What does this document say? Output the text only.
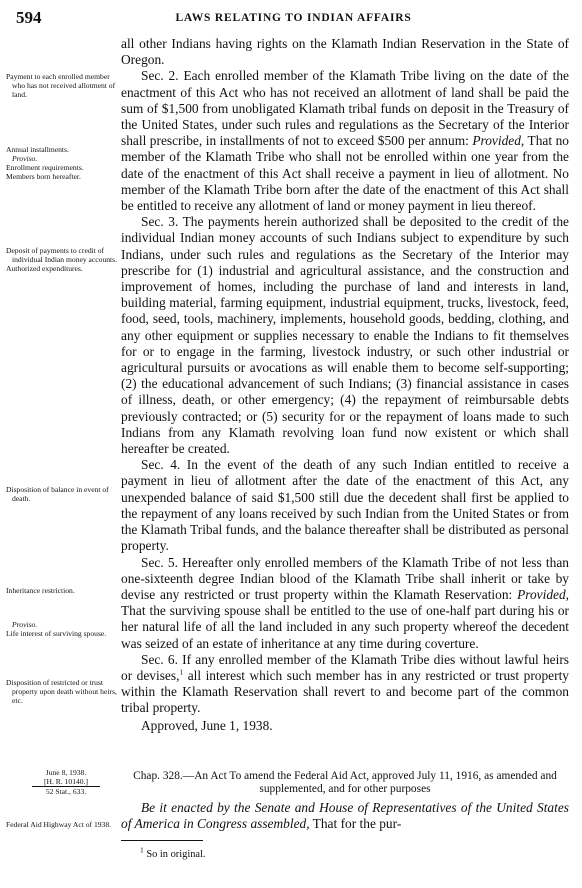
594	LAWS RELATING TO INDIAN AFFAIRS

Payment to each enrolled member who has not received allotment of land.

Annual installments.

Proviso.

Enrollment requirements.

Members born hereafter.

Deposit of payments to credit of individual Indian money accounts.

Authorized expenditures.

Disposition of balance in event of death.

Inheritance restriction.

Proviso.

Life interest of surviving spouse.

Disposition of restricted or trust property upon death without heirs, etc.

June 8, 1938.
[H. R. 10140.]
52 Stat., 633.

Federal Aid Highway Act of 1938.

all other Indians having rights on the Klamath Indian Reservation in the State of Oregon.

Sec. 2. Each enrolled member of the Klamath Tribe living on the date of the enactment of this Act who has not received an allotment of land shall be paid the sum of $1,500 from unobligated Klamath tribal funds on deposit in the Treasury of the United States, under such rules and regulations as the Secretary of the Interior shall prescribe, in installments of not to exceed $500 per annum: Provided, That no member of the Klamath Tribe who shall not be enrolled within one year from the date of the enactment of this Act shall receive a payment in lieu of allotment. No member of the Klamath Tribe born after the date of the enactment of this Act shall be entitled to receive any allotment of land or money payment in lieu thereof.

Sec. 3. The payments herein authorized shall be deposited to the credit of the individual Indian money accounts of such Indians subject to expenditure by such Indians, under such rules and regulations as the Secretary of the Interior may prescribe for (1) industrial and agricultural assistance, and the construction and improvement of homes, including the purchase of land and interests in land, building material, farming equipment, industrial equipment, trucks, livestock, feed, food, seed, tools, machinery, implements, household goods, bedding, clothing, and any other equipment or supplies necessary to enable the Indians to fit themselves for or to engage in the farming, livestock industry, or such other industrial or agricultural pursuits or avocations as will enable them to become self-supporting; (2) the educational advancement of such Indians; (3) financial assistance in cases of illness, death, or other emergency; (4) the repayment of reimbursable debts previously contracted; or (5) security for or the repayment of loans made to such Indians from any Klamath revolving loan fund now existent or which shall hereafter be created.

Sec. 4. In the event of the death of any such Indian entitled to receive a payment in lieu of allotment after the date of the enactment of this Act, any unexpended balance of said $1,500 still due the decedent shall first be applied to the repayment of any loans received by such Indian from the United States or from the Klamath Tribal funds, and the balance thereafter shall be distributed as personal property.

Sec. 5. Hereafter only enrolled members of the Klamath Tribe of not less than one-sixteenth degree Indian blood of the Klamath Tribe shall inherit or take by devise any restricted or trust property within the Klamath Reservation: Provided, That the surviving spouse shall be entitled to the use of one-half part during his or her natural life of all the land included in any such property whereof the decedent was seized of an estate of inheritance at any time during coverture.

Sec. 6. If any enrolled member of the Klamath Tribe dies without lawful heirs or devises,$^1$ all interest which such member has in any restricted or trust property within the Klamath Reservation shall revert to and become part of the common tribal property.

Approved, June 1, 1938.

Chap. 328.—An Act To amend the Federal Aid Act, approved July 11, 1916, as amended and supplemented, and for other purposes
Be it enacted by the Senate and House of Representatives of the United States of America in Congress assembled, That for the pur-
$^1$ So in original.
